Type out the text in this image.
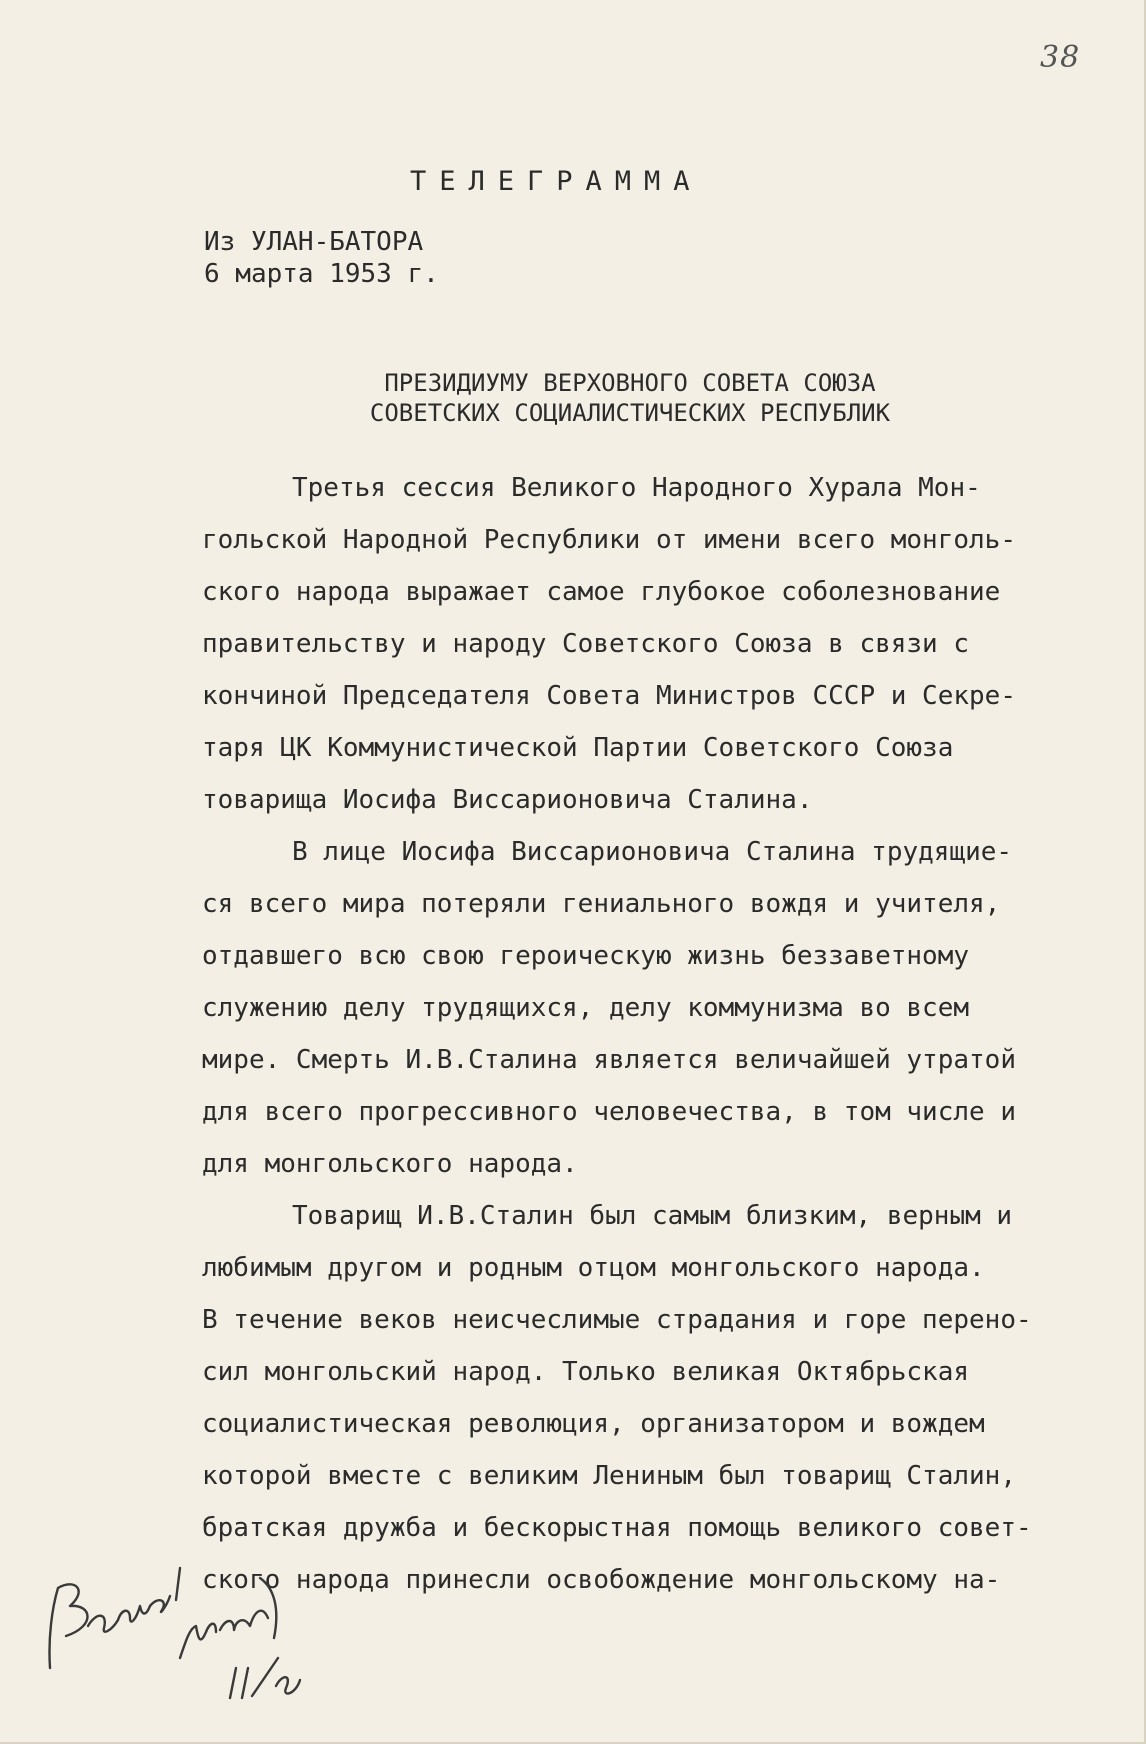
38
ТЕЛЕГРАММА
Из УЛАН-БАТОРА
6 марта 1953 г.
ПРЕЗИДИУМУ ВЕРХОВНОГО СОВЕТА СОЮЗА
СОВЕТСКИХ СОЦИАЛИСТИЧЕСКИХ РЕСПУБЛИК
Третья сессия Великого Народного Хурала Мон-
гольской Народной Республики от имени всего монголь-
ского народа выражает самое глубокое соболезнование
правительству и народу Советского Союза в связи с
кончиной Председателя Совета Министров СССР и Секре-
таря ЦК Коммунистической Партии Советского Союза
товарища Иосифа Виссарионовича Сталина.
В лице Иосифа Виссарионовича Сталина трудящие-
ся всего мира потеряли гениального вождя и учителя,
отдавшего всю свою героическую жизнь беззаветному
служению делу трудящихся, делу коммунизма во всем
мире. Смерть И.В.Сталина является величайшей утратой
для всего прогрессивного человечества, в том числе и
для монгольского народа.
Товарищ И.В.Сталин был самым близким, верным и
любимым другом и родным отцом монгольского народа.
В течение веков неисчеслимые страдания и горе перено-
сил монгольский народ. Только великая Октябрьская
социалистическая революция, организатором и вождем
которой вместе с великим Лениным был товарищ Сталин,
братская дружба и бескорыстная помощь великого совет-
ского народа принесли освобождение монгольскому на-
